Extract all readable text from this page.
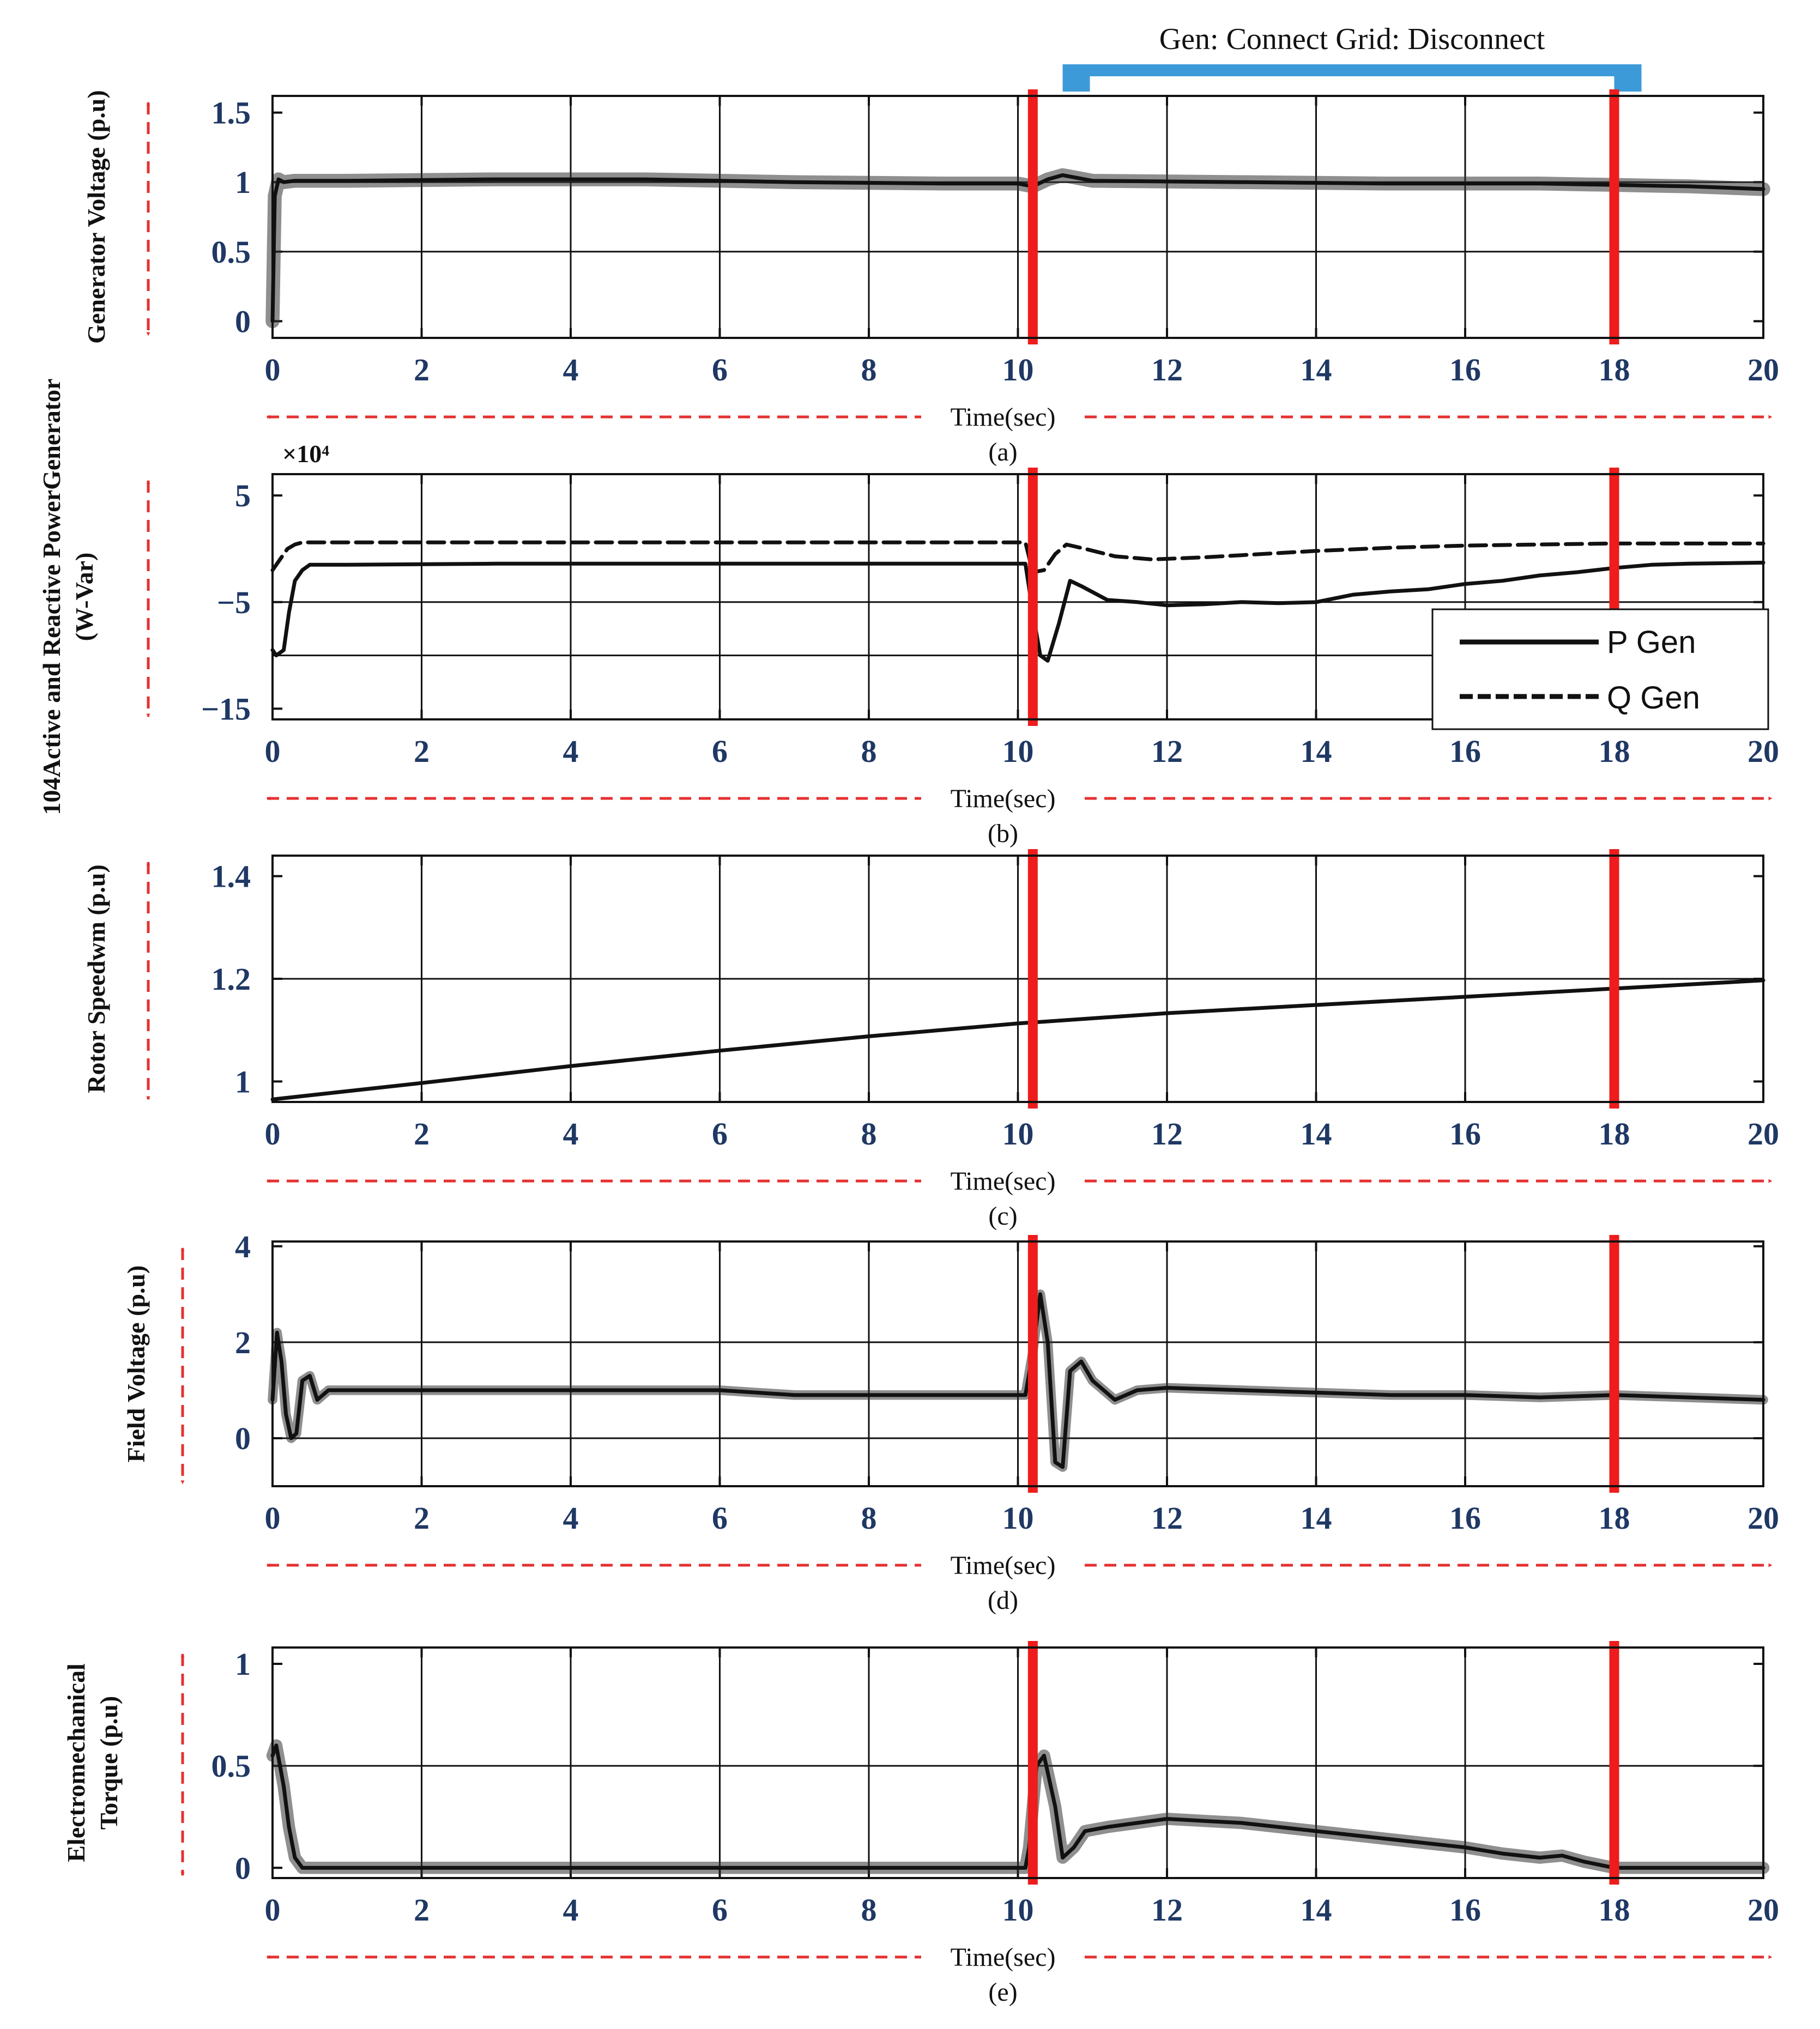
Gen: Connect Grid: Disconnect
0
0.5
1
1.5
0	2	4	6	8	10	12	14	16	18	20
Generator Voltage (p.u)
Time(sec)
(a)
5
−5
−15
0	2	4	6	8	10	12	14	16	18	20
×10⁴
104Active and Reactive PowerGenerator (W-Var)
P Gen
Q Gen
Time(sec)
(b)
1
1.2
1.4
0	2	4	6	8	10	12	14	16	18	20
Rotor Speedwm (p.u)
Time(sec)
(c)
0
2
4
0	2	4	6	8	10	12	14	16	18	20
Field Voltage (p.u)
Time(sec)
(d)
0
0.5
1
0	2	4	6	8	10	12	14	16	18	20
Electromechanical Torque (p.u)
Time(sec)
(e)
